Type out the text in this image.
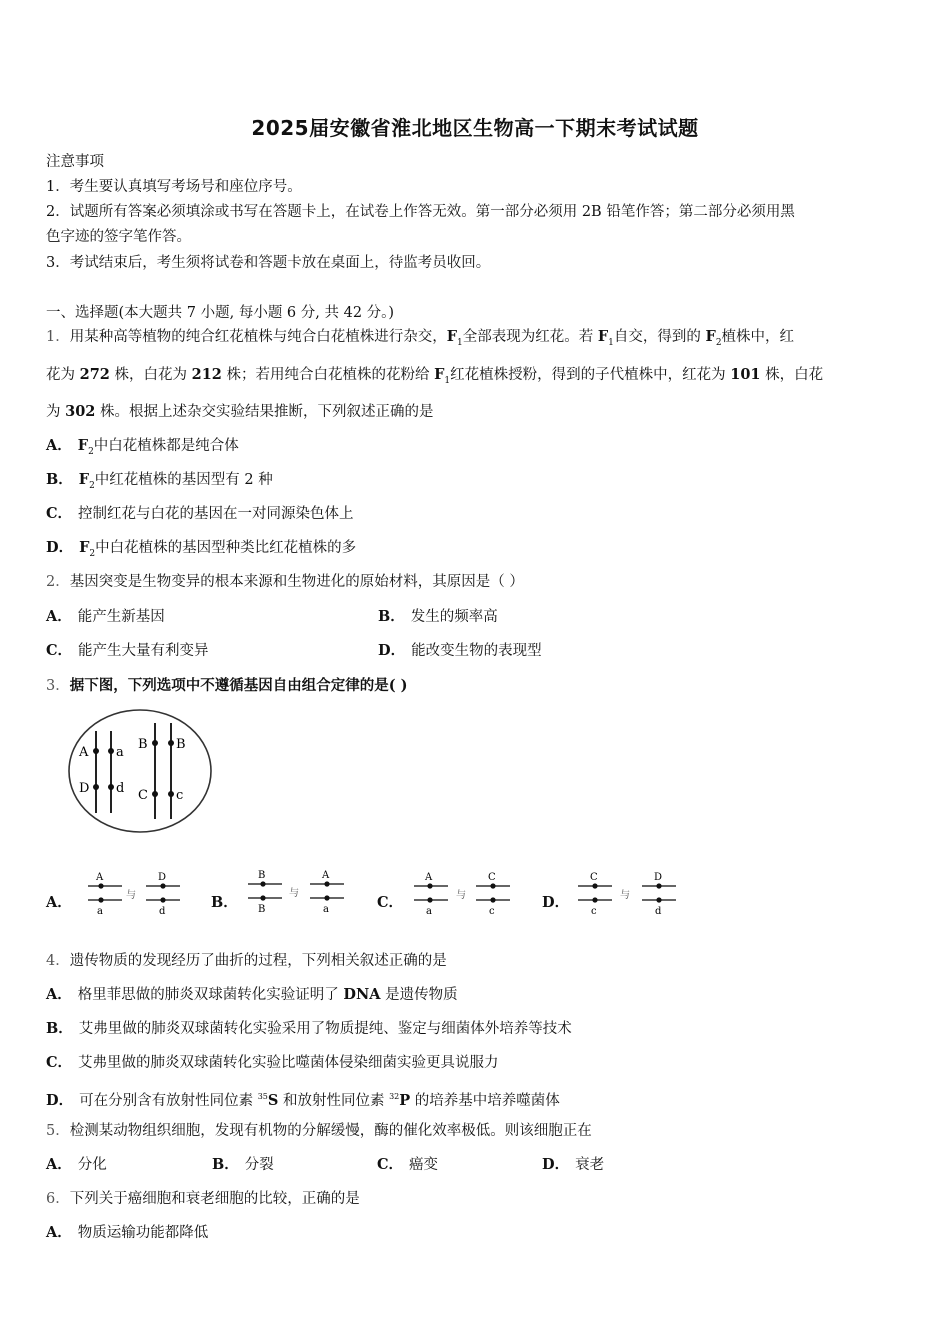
2025届安徽省淮北地区生物高一下期末考试试题
注意事项
1．考生要认真填写考场号和座位序号。
2．试题所有答案必须填涂或书写在答题卡上，在试卷上作答无效。第一部分必须用 2B 铅笔作答；第二部分必须用黑
色字迹的签字笔作答。
3．考试结束后，考生须将试卷和答题卡放在桌面上，待监考员收回。
一、选择题(本大题共 7 小题, 每小题 6 分, 共 42 分。)
1．用某种高等植物的纯合红花植株与纯合白花植株进行杂交，$F_1$全部表现为红花。若 $F_1$自交，得到的 $F_2$植株中，红
花为 272 株，白花为 212 株；若用纯合白花植株的花粉给 $F_1$红花植株授粉，得到的子代植株中，红花为 101 株，白花
为 302 株。根据上述杂交实验结果推断，下列叙述正确的是
A． $F_2$中白花植株都是纯合体
B． $F_2$中红花植株的基因型有 2 种
C． 控制红花与白花的基因在一对同源染色体上
D． $F_2$中白花植株的基因型种类比红花植株的多
2．基因突变是生物变异的根本来源和生物进化的原始材料，其原因是（ ）
A． 能产生新基因	B． 发生的频率高
C． 能产生大量有利变异	D． 能改变生物的表现型
3．据下图，下列选项中不遵循基因自由组合定律的是( )
A a
D d
B B
C c
A．
A
a
与
D
d
B．
B
B
与
A
a	C．
A
a
与
C
c
D．
C
c
与
D
d
4．遗传物质的发现经历了曲折的过程，下列相关叙述正确的是
A． 格里菲思做的肺炎双球菌转化实验证明了 DNA 是遗传物质
B． 艾弗里做的肺炎双球菌转化实验采用了物质提纯、鉴定与细菌体外培养等技术
C． 艾弗里做的肺炎双球菌转化实验比噬菌体侵染细菌实验更具说服力
D． 可在分别含有放射性同位素 $^{35}$S 和放射性同位素 $^{32}$P 的培养基中培养噬菌体
5．检测某动物组织细胞，发现有机物的分解缓慢，酶的催化效率极低。则该细胞正在
A． 分化	B． 分裂	C． 癌变	D． 衰老
6．下列关于癌细胞和衰老细胞的比较，正确的是
A． 物质运输功能都降低
